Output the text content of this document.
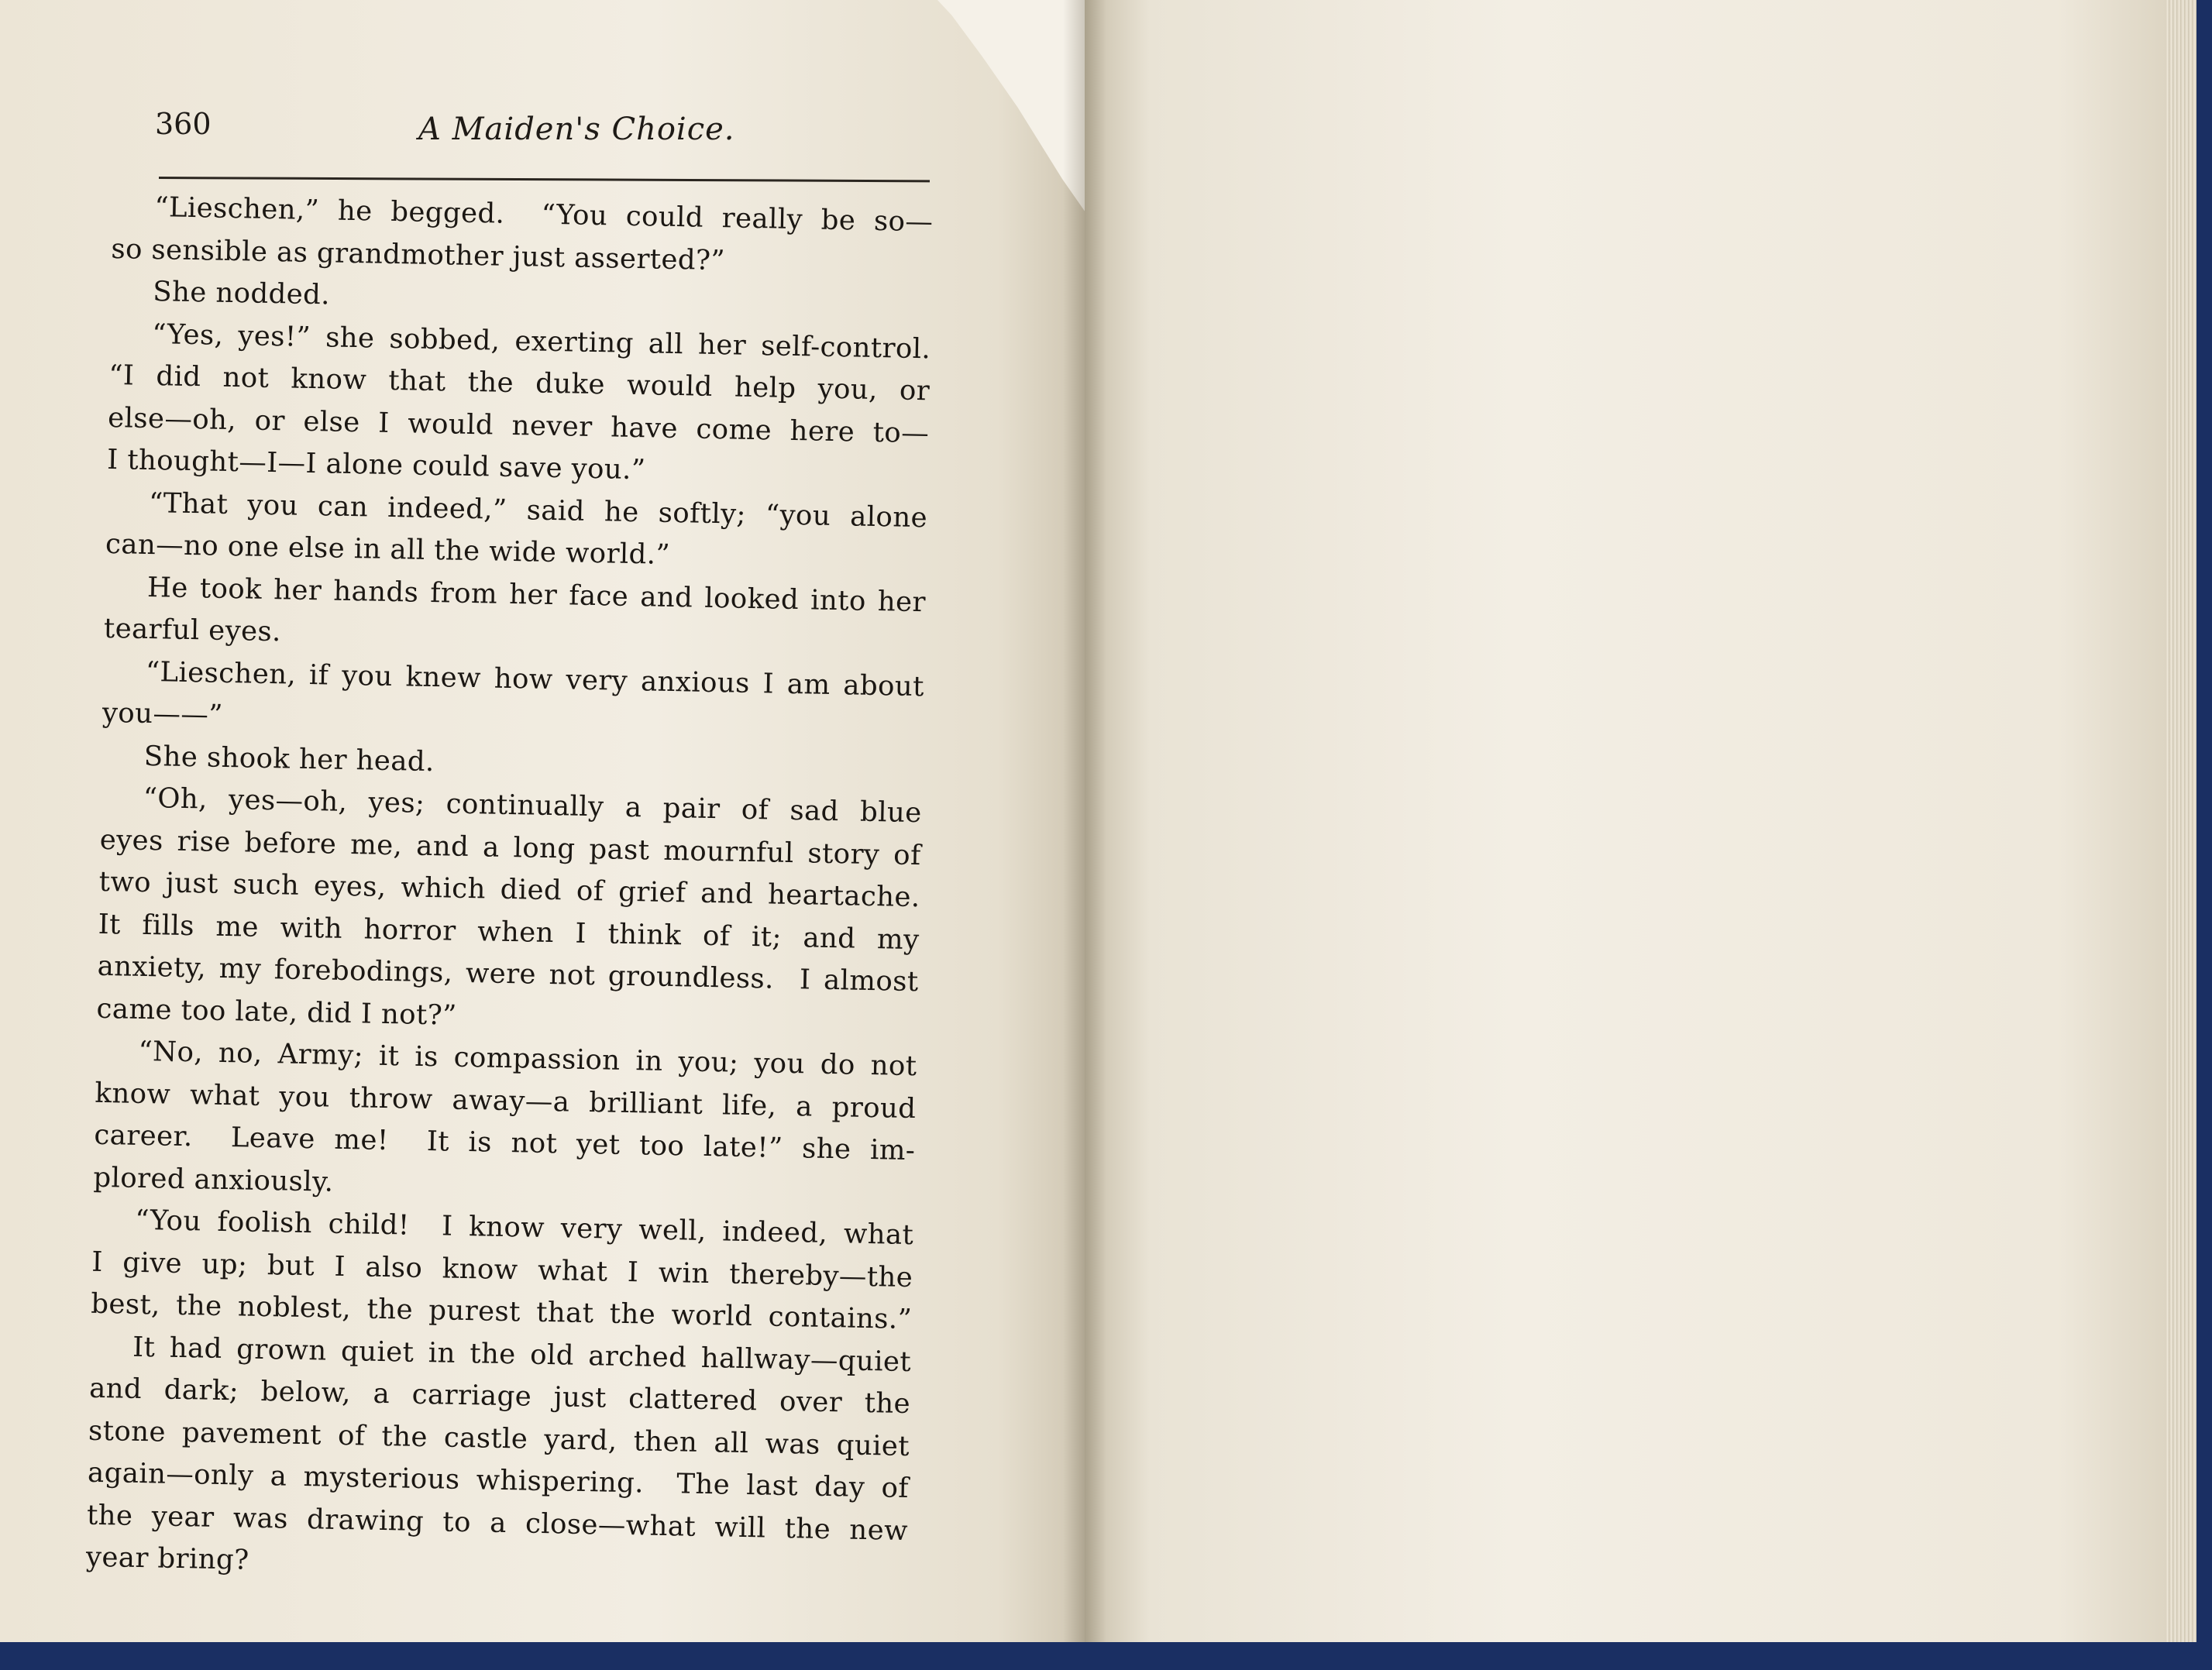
360	A Maiden's Choice.
“Lieschen,” he begged.  “You could really be so—
so sensible as grandmother just asserted?”
She nodded.
“Yes, yes!” she sobbed, exerting all her self-control.
“I did not know that the duke would help you, or
else—oh, or else I would never have come here to—
I thought—I—I alone could save you.”
“That you can indeed,” said he softly; “you alone
can—no one else in all the wide world.”
He took her hands from her face and looked into her
tearful eyes.
“Lieschen, if you knew how very anxious I am about
you——”
She shook her head.
“Oh, yes—oh, yes; continually a pair of sad blue
eyes rise before me, and a long past mournful story of
two just such eyes, which died of grief and heartache.
It fills me with horror when I think of it; and my
anxiety, my forebodings, were not groundless.  I almost
came too late, did I not?”
“No, no, Army; it is compassion in you; you do not
know what you throw away—a brilliant life, a proud
career.  Leave me!  It is not yet too late!” she im-
plored anxiously.
“You foolish child!  I know very well, indeed, what
I give up; but I also know what I win thereby—the
best, the noblest, the purest that the world contains.”
It had grown quiet in the old arched hallway—quiet
and dark; below, a carriage just clattered over the
stone pavement of the castle yard, then all was quiet
again—only a mysterious whispering.  The last day of
the year was drawing to a close—what will the new
year bring?
